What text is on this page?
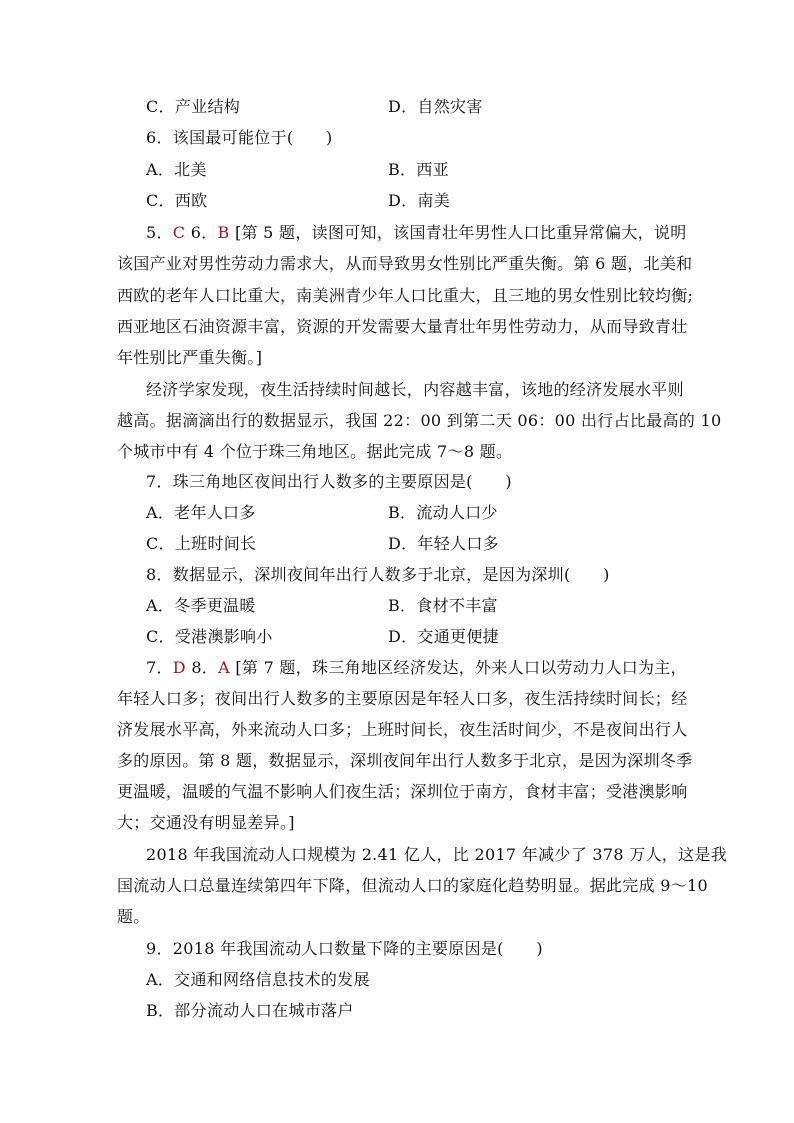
C．产业结构	D．自然灾害
6．该国最可能位于(　　)
A．北美	B．西亚
C．西欧	D．南美
5．C 6．B [第 5 题，读图可知，该国青壮年男性人口比重异常偏大，说明
该国产业对男性劳动力需求大，从而导致男女性别比严重失衡。第 6 题，北美和
西欧的老年人口比重大，南美洲青少年人口比重大，且三地的男女性别比较均衡;
西亚地区石油资源丰富，资源的开发需要大量青壮年男性劳动力，从而导致青壮
年性别比严重失衡。]
经济学家发现，夜生活持续时间越长，内容越丰富，该地的经济发展水平则
越高。据滴滴出行的数据显示，我国 22：00 到第二天 06：00 出行占比最高的 10
个城市中有 4 个位于珠三角地区。据此完成 7～8 题。
7．珠三角地区夜间出行人数多的主要原因是(　　)
A．老年人口多	B．流动人口少
C．上班时间长	D．年轻人口多
8．数据显示，深圳夜间年出行人数多于北京，是因为深圳(　　)
A．冬季更温暖	B．食材不丰富
C．受港澳影响小	D．交通更便捷
7．D 8．A [第 7 题，珠三角地区经济发达，外来人口以劳动力人口为主，
年轻人口多；夜间出行人数多的主要原因是年轻人口多，夜生活持续时间长；经
济发展水平高，外来流动人口多；上班时间长，夜生活时间少，不是夜间出行人
多的原因。第 8 题，数据显示，深圳夜间年出行人数多于北京，是因为深圳冬季
更温暖，温暖的气温不影响人们夜生活；深圳位于南方，食材丰富；受港澳影响
大；交通没有明显差异。]
2018 年我国流动人口规模为 2.41 亿人，比 2017 年减少了 378 万人，这是我
国流动人口总量连续第四年下降，但流动人口的家庭化趋势明显。据此完成 9～10
题。
9．2018 年我国流动人口数量下降的主要原因是(　　)
A．交通和网络信息技术的发展
B．部分流动人口在城市落户
